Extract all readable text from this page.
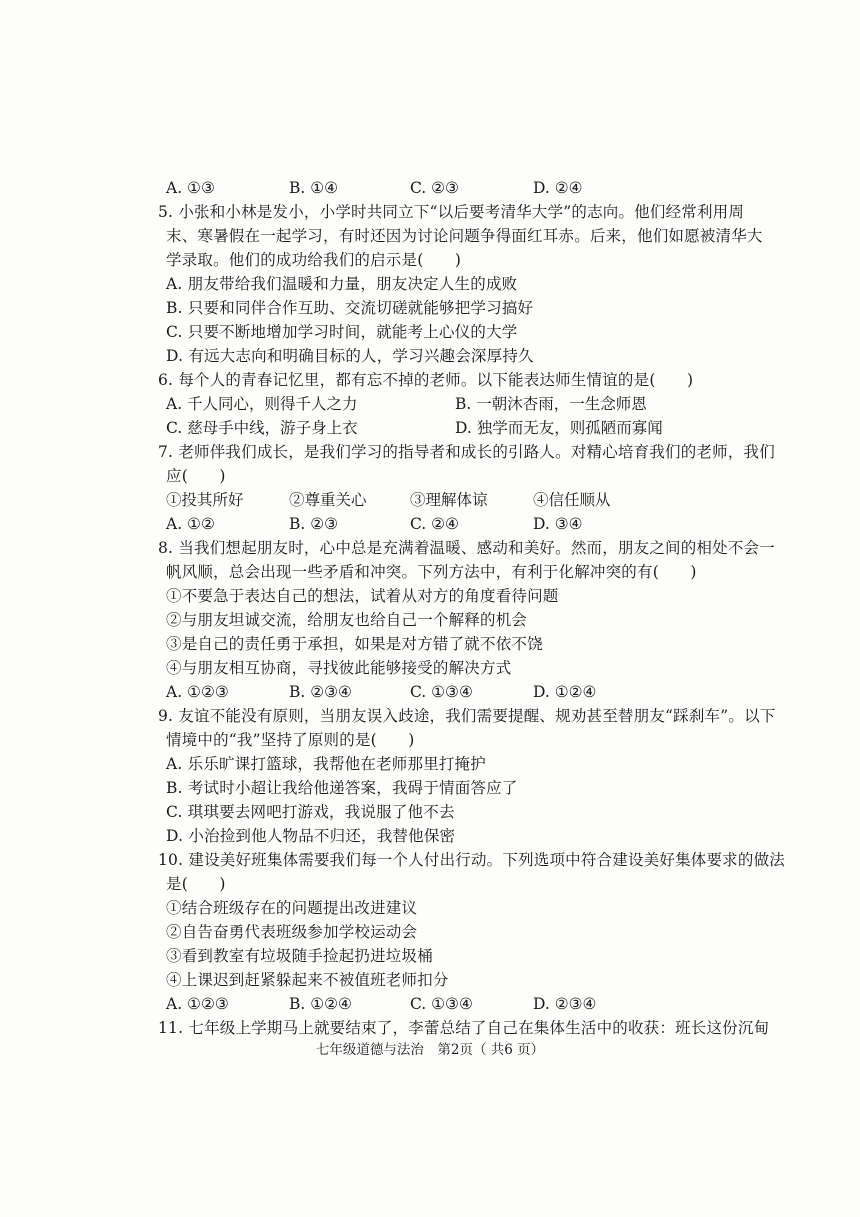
A. ①③	B. ①④	C. ②③	D. ②④
5. 小张和小林是发小，小学时共同立下“以后要考清华大学”的志向。他们经常利用周
末、寒暑假在一起学习，有时还因为讨论问题争得面红耳赤。后来，他们如愿被清华大
学录取。他们的成功给我们的启示是(　　)
A. 朋友带给我们温暖和力量，朋友决定人生的成败
B. 只要和同伴合作互助、交流切磋就能够把学习搞好
C. 只要不断地增加学习时间，就能考上心仪的大学
D. 有远大志向和明确目标的人，学习兴趣会深厚持久
6. 每个人的青春记忆里，都有忘不掉的老师。以下能表达师生情谊的是(　　)
A. 千人同心，则得千人之力	B. 一朝沐杏雨，一生念师恩
C. 慈母手中线，游子身上衣	D. 独学而无友，则孤陋而寡闻
7. 老师伴我们成长，是我们学习的指导者和成长的引路人。对精心培育我们的老师，我们
应(　　)
①投其所好	②尊重关心	③理解体谅	④信任顺从
A. ①②	B. ②③	C. ②④	D. ③④
8. 当我们想起朋友时，心中总是充满着温暖、感动和美好。然而，朋友之间的相处不会一
帆风顺，总会出现一些矛盾和冲突。下列方法中，有利于化解冲突的有(　　)
①不要急于表达自己的想法，试着从对方的角度看待问题
②与朋友坦诚交流，给朋友也给自己一个解释的机会
③是自己的责任勇于承担，如果是对方错了就不依不饶
④与朋友相互协商，寻找彼此能够接受的解决方式
A. ①②③	B. ②③④	C. ①③④	D. ①②④
9. 友谊不能没有原则，当朋友误入歧途，我们需要提醒、规劝甚至替朋友“踩刹车”。以下
情境中的“我”坚持了原则的是(　　)
A. 乐乐旷课打篮球，我帮他在老师那里打掩护
B. 考试时小超让我给他递答案，我碍于情面答应了
C. 琪琪要去网吧打游戏，我说服了他不去
D. 小治捡到他人物品不归还，我替他保密
10. 建设美好班集体需要我们每一个人付出行动。下列选项中符合建设美好集体要求的做法
是(　　)
①结合班级存在的问题提出改进建议
②自告奋勇代表班级参加学校运动会
③看到教室有垃圾随手捡起扔进垃圾桶
④上课迟到赶紧躲起来不被值班老师扣分
A. ①②③	B. ①②④	C. ①③④	D. ②③④
11. 七年级上学期马上就要结束了，李蕾总结了自己在集体生活中的收获：班长这份沉甸
七年级道德与法治　第2页（ 共6 页）
